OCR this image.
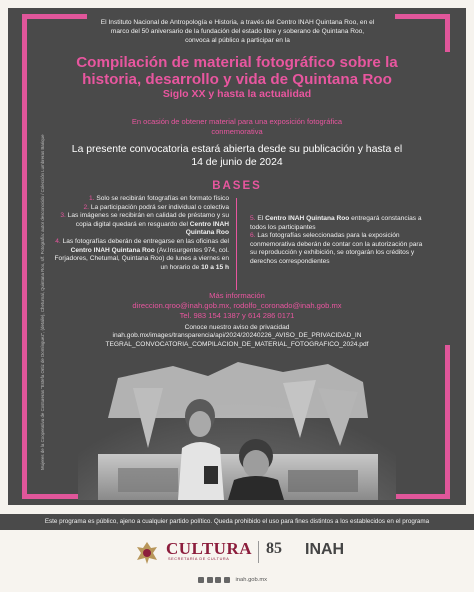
Mujeres de la Cooperativa de Costureras "Estefa Ortiz de Domínguez", (detalle), Chetumal, Quintana Roo, s/f. Fotografía: autor desconocido / Colección Lumbreras Barique
El Instituto Nacional de Antropología e Historia, a través del Centro INAH Quintana Roo, en el marco del 50 aniversario de la fundación del estado libre y soberano de Quintana Roo, convoca al público a participar en la
Compilación de material fotográfico sobre la historia, desarrollo y vida de Quintana Roo
Siglo XX y hasta la actualidad
En ocasión de obtener material para una exposición fotográfica conmemorativa
La presente convocatoria estará abierta desde su publicación y hasta el 14 de junio de 2024
BASES
1. Solo se recibirán fotografías en formato físico
2. La participación podrá ser individual o colectiva
3. Las imágenes se recibirán en calidad de préstamo y su copia digital quedará en resguardo del Centro INAH Quintana Roo
4. Las fotografías deberán de entregarse en las oficinas del Centro INAH Quintana Roo (Av.Insurgentes 974, col. Forjadores, Chetumal, Quintana Roo) de lunes a viernes en un horario de 10 a 15 h
5. El Centro INAH Quintana Roo entregará constancias a todos los participantes
6. Las fotografías seleccionadas para la exposición conmemorativa deberán de contar con la autorización para su reproducción y exhibición, se otorgarán los créditos y derechos correspondientes
Más información
direccion.qroo@inah.gob.mx, rodolfo_coronado@inah.gob.mx
Tel. 983 154 1387 y 614 286 0171
Conoce nuestro aviso de privacidad
inah.gob.mx/images/transparencia/api/2024/20240226_AVISO_DE_PRIVACIDAD_IN
TEGRAL_CONVOCATORIA_COMPILACION_DE_MATERIAL_FOTOGRAFICO_2024.pdf
Este programa es público, ajeno a cualquier partido político. Queda prohibido el uso para fines distintos a los establecidos en el programa
CULTURA
SECRETARÍA DE CULTURA
85 INAH
inah.gob.mx
